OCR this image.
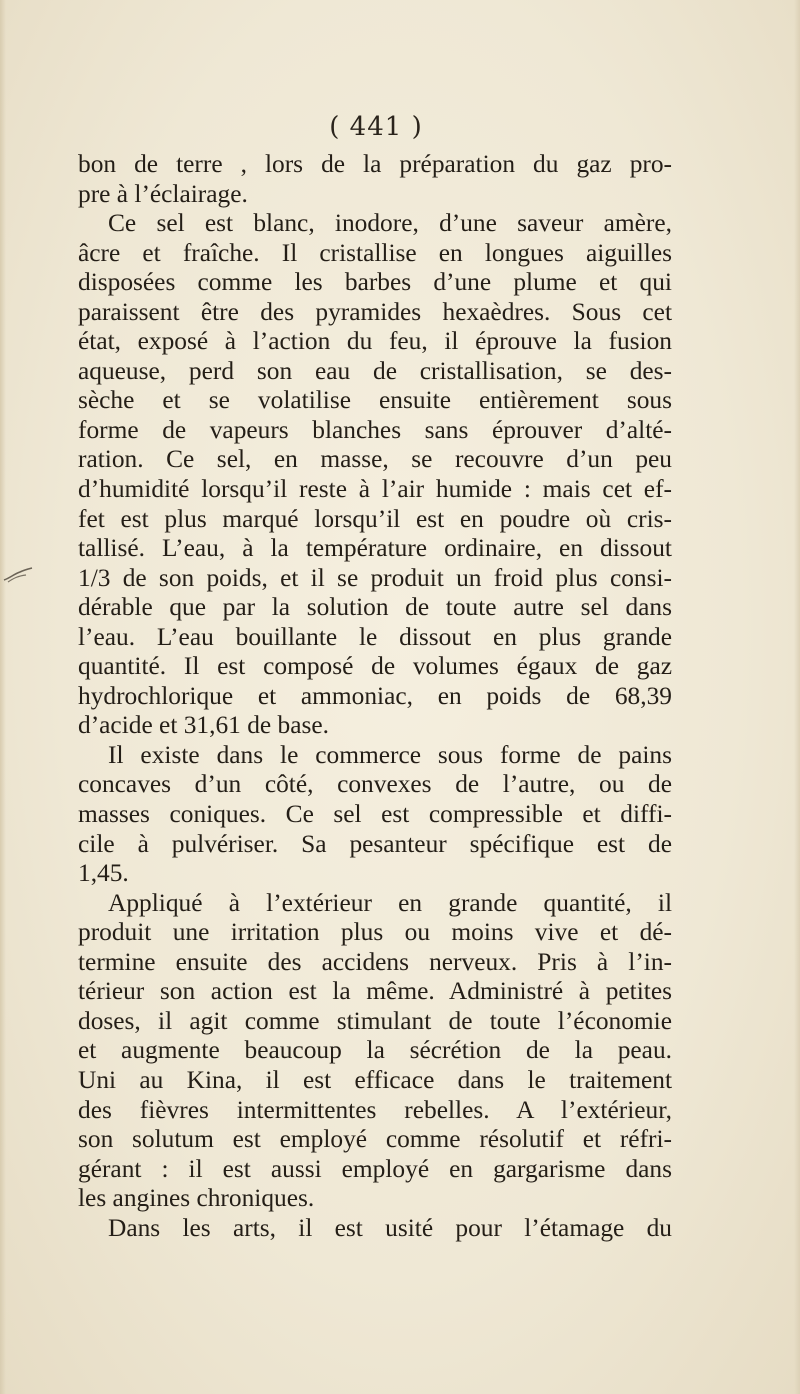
( 441 )
bon de terre , lors de la préparation du gaz pro-
pre à l’éclairage.
Ce sel est blanc, inodore, d’une saveur amère,
âcre et fraîche. Il cristallise en longues aiguilles
disposées comme les barbes d’une plume et qui
paraissent être des pyramides hexaèdres. Sous cet
état, exposé à l’action du feu, il éprouve la fusion
aqueuse, perd son eau de cristallisation, se des-
sèche et se volatilise ensuite entièrement sous
forme de vapeurs blanches sans éprouver d’alté-
ration. Ce sel, en masse, se recouvre d’un peu
d’humidité lorsqu’il reste à l’air humide : mais cet ef-
fet est plus marqué lorsqu’il est en poudre où cris-
tallisé. L’eau, à la température ordinaire, en dissout
1/3 de son poids, et il se produit un froid plus consi-
dérable que par la solution de toute autre sel dans
l’eau. L’eau bouillante le dissout en plus grande
quantité. Il est composé de volumes égaux de gaz
hydrochlorique et ammoniac, en poids de 68,39
d’acide et 31,61 de base.
Il existe dans le commerce sous forme de pains
concaves d’un côté, convexes de l’autre, ou de
masses coniques. Ce sel est compressible et diffi-
cile à pulvériser. Sa pesanteur spécifique est de
1,45.
Appliqué à l’extérieur en grande quantité, il
produit une irritation plus ou moins vive et dé-
termine ensuite des accidens nerveux. Pris à l’in-
térieur son action est la même. Administré à petites
doses, il agit comme stimulant de toute l’économie
et augmente beaucoup la sécrétion de la peau.
Uni au Kina, il est efficace dans le traitement
des fièvres intermittentes rebelles. A l’extérieur,
son solutum est employé comme résolutif et réfri-
gérant : il est aussi employé en gargarisme dans
les angines chroniques.
Dans les arts, il est usité pour l’étamage du
